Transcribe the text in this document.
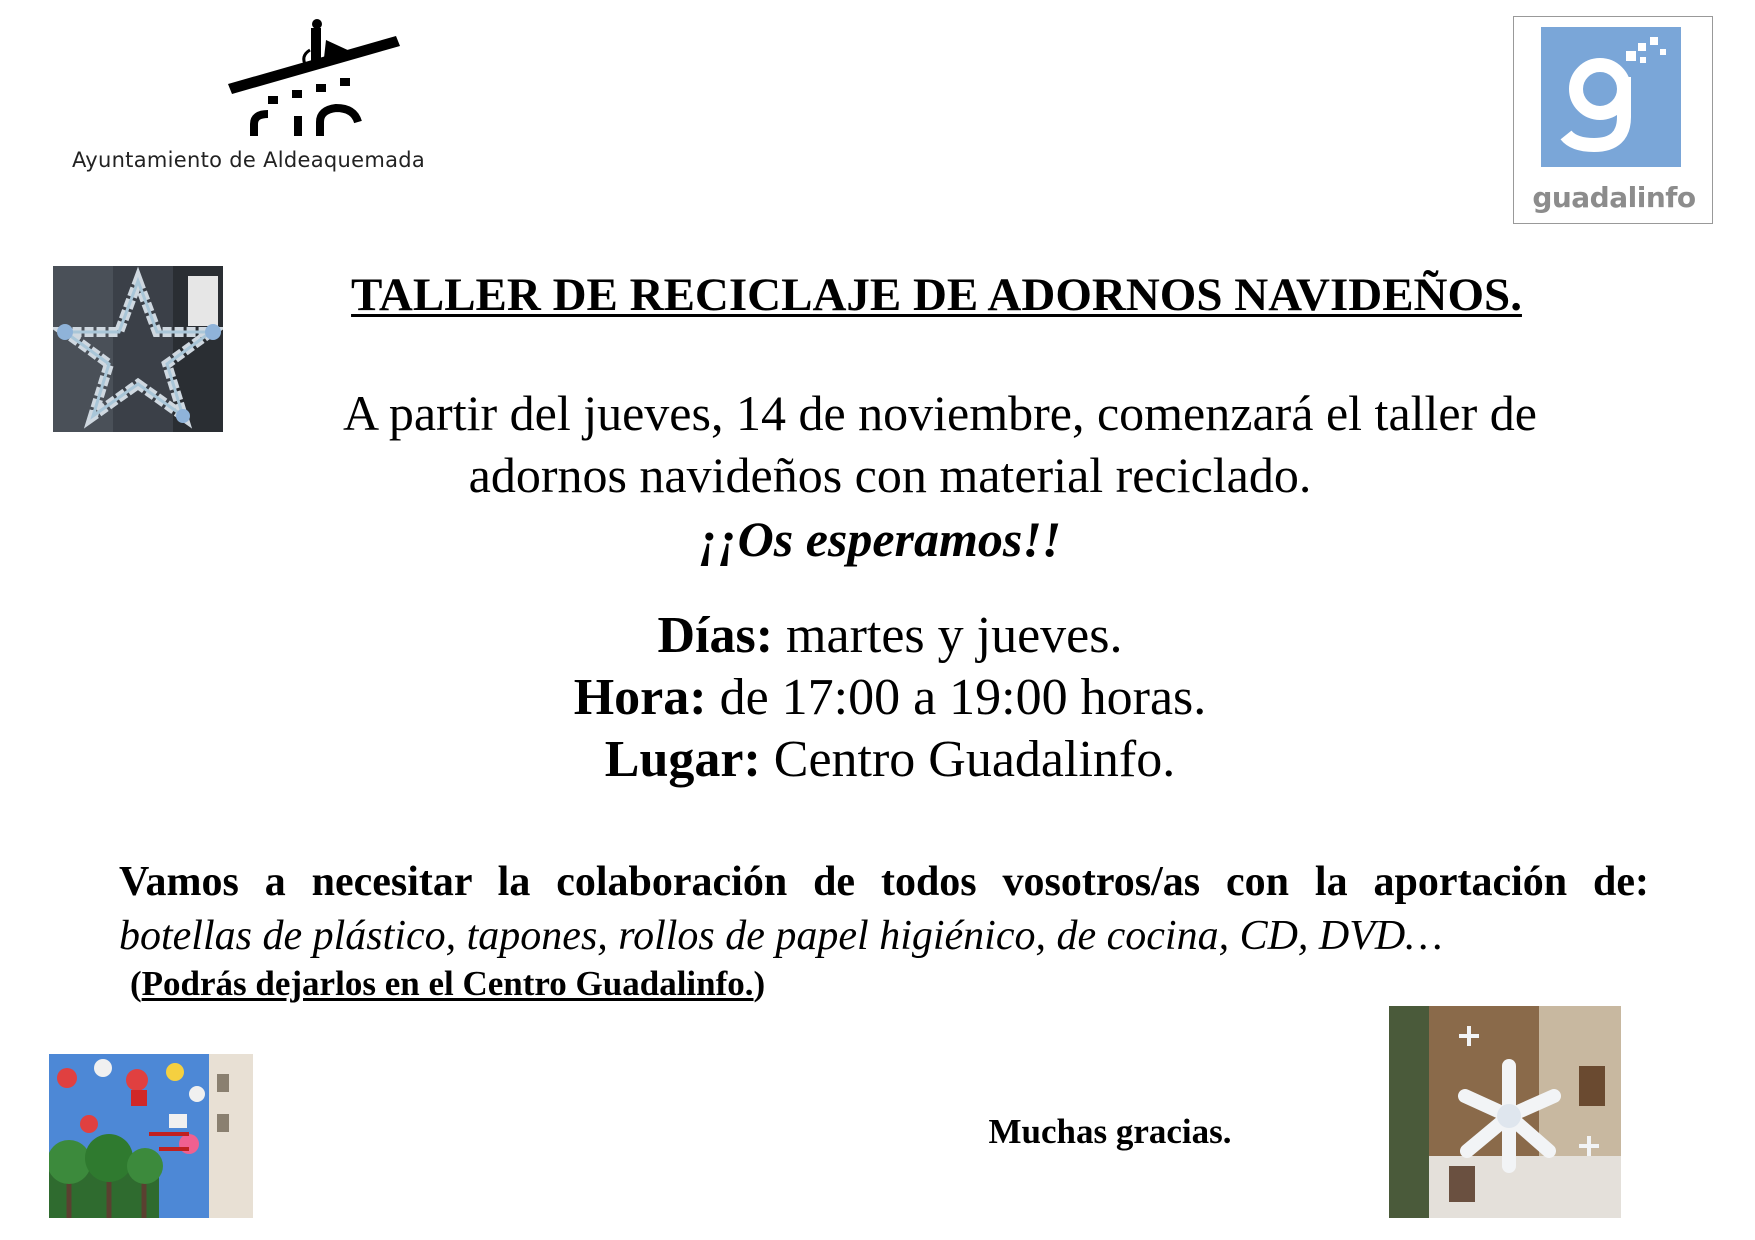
Ayuntamiento de Aldeaquemada
guadalinfo
TALLER DE RECICLAJE DE ADORNOS NAVIDEÑOS.
A partir del jueves, 14 de noviembre, comenzará el taller de
adornos navideños con material reciclado.
¡¡Os esperamos!!
Días: martes y jueves.
Hora: de 17:00 a 19:00 horas.
Lugar: Centro Guadalinfo.
Vamos a necesitar la colaboración de todos vosotros/as con la aportación de:
botellas de plástico, tapones, rollos de papel higiénico, de cocina, CD, DVD…
(Podrás dejarlos en el Centro Guadalinfo.)
Muchas gracias.
